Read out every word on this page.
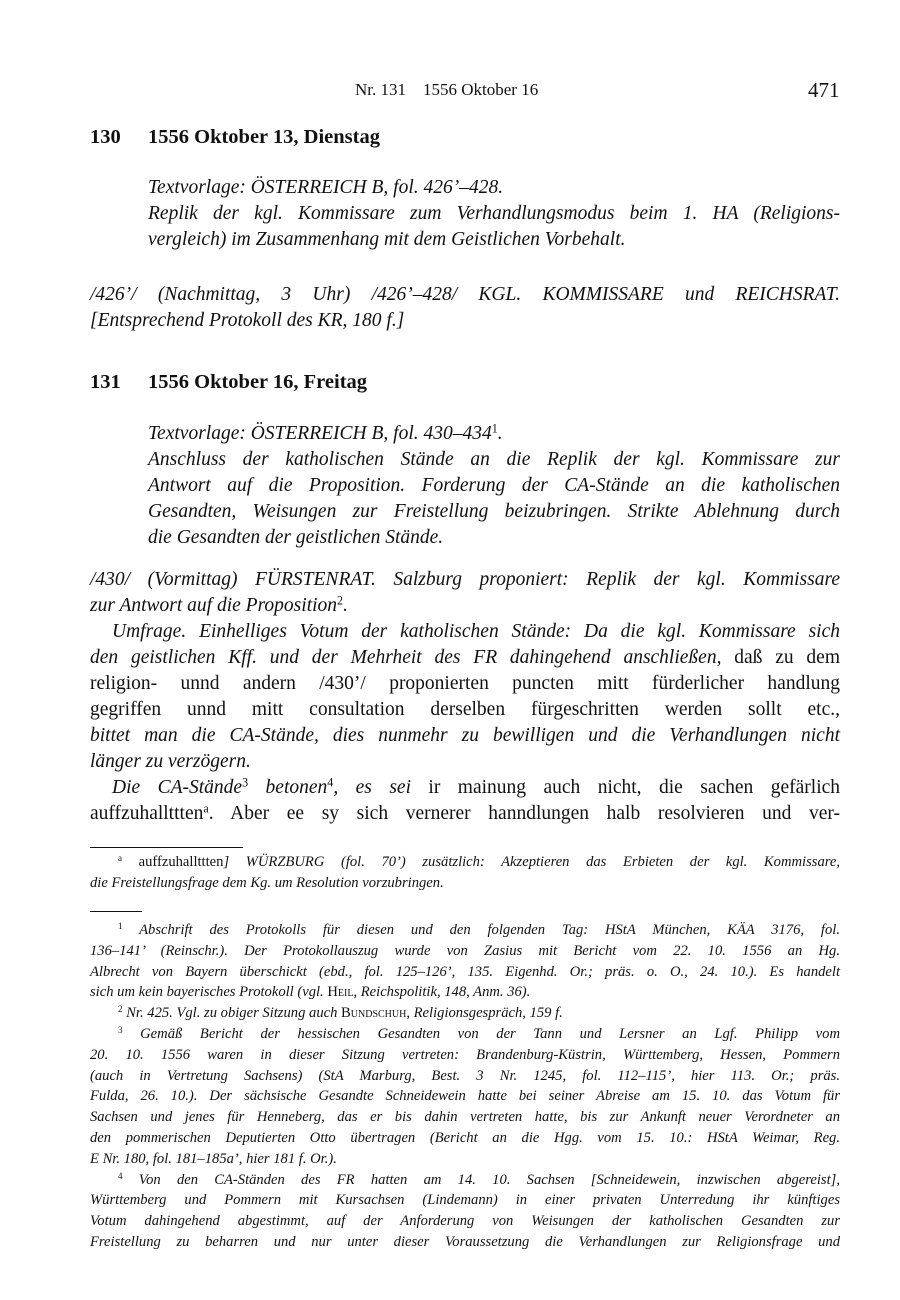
Nr. 131    1556 Oktober 16	471
130 1556 Oktober 13, Dienstag
Textvorlage: ÖSTERREICH B, fol. 426’–428.
Replik der kgl. Kommissare zum Verhandlungsmodus beim 1. HA (Religions-
vergleich) im Zusammenhang mit dem Geistlichen Vorbehalt.
/426’/ (Nachmittag, 3 Uhr) /426’–428/ KGL. KOMMISSARE und REICHSRAT.
[Entsprechend Protokoll des KR, 180 f.]
131 1556 Oktober 16, Freitag
Textvorlage: ÖSTERREICH B, fol. $430-434^1$.
Anschluss der katholischen Stände an die Replik der kgl. Kommissare zur
Antwort auf die Proposition. Forderung der CA-Stände an die katholischen
Gesandten, Weisungen zur Freistellung beizubringen. Strikte Ablehnung durch
die Gesandten der geistlichen Stände.
/430/ (Vormittag) FÜRSTENRAT. Salzburg proponiert: Replik der kgl. Kommissare
zur Antwort auf die Proposition$^2$.
Umfrage. Einhelliges Votum der katholischen Stände: Da die kgl. Kommissare sich
den geistlichen Kff. und der Mehrheit des FR dahingehend anschließen, daß zu dem
religion- unnd andern /430’/ proponierten puncten mitt fürderlicher handlung
gegriffen unnd mitt consultation derselben fürgeschritten werden sollt etc.,
bittet man die CA-Stände, dies nunmehr zu bewilligen und die Verhandlungen nicht
länger zu verzögern.
Die CA-Stände$^3$ betonen$^4$, es sei ir mainung auch nicht, die sachen gefärlich
auffzuhallttten$^a$. Aber ee sy sich vernerer hanndlungen halb resolvieren und ver-
$^a$ auffzuhallttten] WÜRZBURG (fol. 70’) zusätzlich: Akzeptieren das Erbieten der kgl. Kommissare,
die Freistellungsfrage dem Kg. um Resolution vorzubringen.
$^1$ Abschrift des Protokolls für diesen und den folgenden Tag: HStA München, KÄA 3176, fol.
136–141’ (Reinschr.). Der Protokollauszug wurde von Zasius mit Bericht vom 22. 10. 1556 an Hg.
Albrecht von Bayern überschickt (ebd., fol. 125–126’, 135. Eigenhd. Or.; präs. o. O., 24. 10.). Es handelt
sich um kein bayerisches Protokoll (vgl. Heil, Reichspolitik, 148, Anm. 36).
$^2$ Nr. 425. Vgl. zu obiger Sitzung auch Bundschuh, Religionsgespräch, 159 f.
$^3$ Gemäß Bericht der hessischen Gesandten von der Tann und Lersner an Lgf. Philipp vom
20. 10. 1556 waren in dieser Sitzung vertreten: Brandenburg-Küstrin, Württemberg, Hessen, Pommern
(auch in Vertretung Sachsens) (StA Marburg, Best. 3 Nr. 1245, fol. 112–115’, hier 113. Or.; präs.
Fulda, 26. 10.). Der sächsische Gesandte Schneidewein hatte bei seiner Abreise am 15. 10. das Votum für
Sachsen und jenes für Henneberg, das er bis dahin vertreten hatte, bis zur Ankunft neuer Verordneter an
den pommerischen Deputierten Otto übertragen (Bericht an die Hgg. vom 15. 10.: HStA Weimar, Reg.
E Nr. 180, fol. 181–185a’, hier 181 f. Or.).
$^4$ Von den CA-Ständen des FR hatten am 14. 10. Sachsen [Schneidewein, inzwischen abgereist],
Württemberg und Pommern mit Kursachsen (Lindemann) in einer privaten Unterredung ihr künftiges
Votum dahingehend abgestimmt, auf der Anforderung von Weisungen der katholischen Gesandten zur
Freistellung zu beharren und nur unter dieser Voraussetzung die Verhandlungen zur Religionsfrage und
